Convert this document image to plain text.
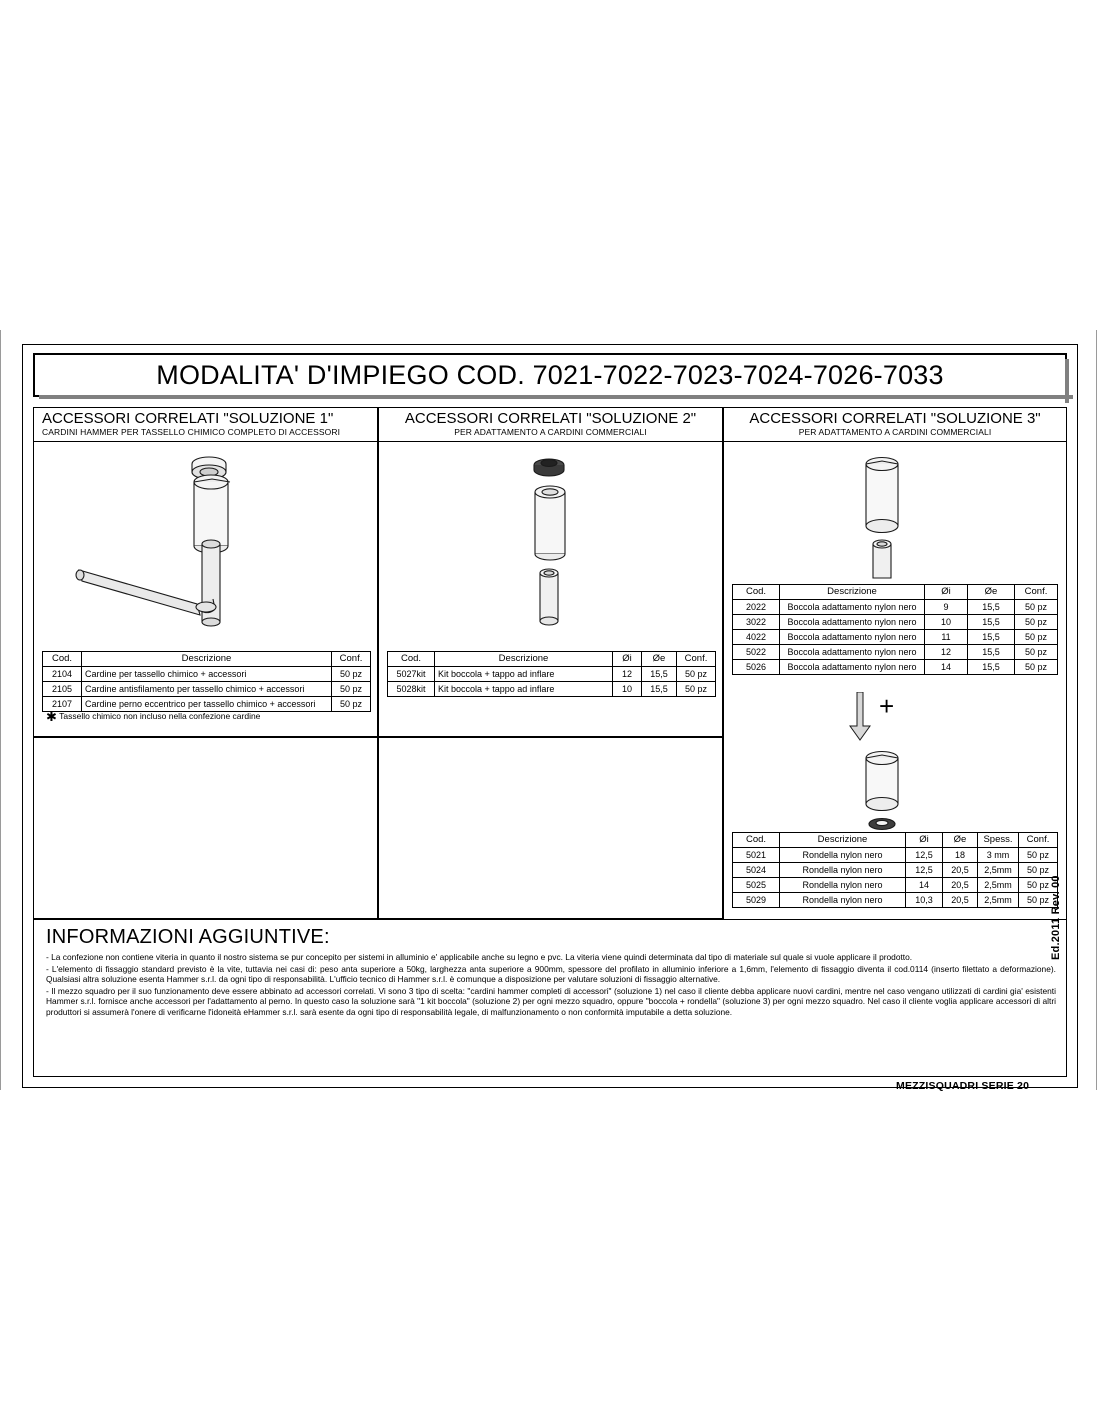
MODALITA' D'IMPIEGO COD. 7021-7022-7023-7024-7026-7033
ACCESSORI CORRELATI "SOLUZIONE 1"
CARDINI HAMMER PER TASSELLO CHIMICO COMPLETO DI ACCESSORI
Cod.	Descrizione	Conf.
2104	Cardine per tassello chimico + accessori	50 pz
2105	Cardine antisfilamento per tassello chimico + accessori	50 pz
2107	Cardine perno eccentrico per tassello chimico + accessori	50 pz
✱ Tassello chimico non incluso nella confezione cardine
ACCESSORI CORRELATI "SOLUZIONE 2"
PER ADATTAMENTO A CARDINI COMMERCIALI
Cod.	Descrizione	Øi	Øe	Conf.
5027kit	Kit boccola + tappo ad inflare	12	15,5	50 pz
5028kit	Kit boccola + tappo ad inflare	10	15,5	50 pz
ACCESSORI CORRELATI "SOLUZIONE 3"
PER ADATTAMENTO A CARDINI COMMERCIALI
Cod.	Descrizione	Øi	Øe	Conf.
2022	Boccola adattamento nylon nero	9	15,5	50 pz
3022	Boccola adattamento nylon nero	10	15,5	50 pz
4022	Boccola adattamento nylon nero	11	15,5	50 pz
5022	Boccola adattamento nylon nero	12	15,5	50 pz
5026	Boccola adattamento nylon nero	14	15,5	50 pz
+
Cod.	Descrizione	Øi	Øe	Spess.	Conf.
5021	Rondella nylon nero	12,5	18	3 mm	50 pz
5024	Rondella nylon nero	12,5	20,5	2,5mm	50 pz
5025	Rondella nylon nero	14	20,5	2,5mm	50 pz
5029	Rondella nylon nero	10,3	20,5	2,5mm	50 pz
INFORMAZIONI AGGIUNTIVE:

- La confezione non contiene viteria in quanto il nostro sistema se pur concepito per sistemi in alluminio e' applicabile anche su legno e pvc. La viteria viene quindi determinata dal tipo di materiale sul quale si vuole applicare il prodotto.

- L'elemento di fissaggio standard previsto è la vite, tuttavia nei casi di: peso anta superiore a 50kg, larghezza anta superiore a 900mm, spessore del profilato in alluminio inferiore a 1,6mm, l'elemento di fissaggio diventa il cod.0114 (inserto filettato a deformazione). Qualsiasi altra soluzione esenta Hammer s.r.l. da ogni tipo di responsabilità. L'ufficio tecnico di Hammer s.r.l. è comunque a disposizione per valutare soluzioni di fissaggio alternative.

- Il mezzo squadro per il suo funzionamento deve essere abbinato ad accessori correlati. Vi sono 3 tipo di scelta: "cardini hammer completi di accessori" (soluzione 1) nel caso il cliente debba applicare nuovi cardini, mentre nel caso vengano utilizzati di cardini gia' esistenti Hammer s.r.l. fornisce anche accessori per l'adattamento al perno. In questo caso la soluzione sarà "1 kit boccola" (soluzione 2) per ogni mezzo squadro, oppure "boccola + rondella" (soluzione 3) per ogni mezzo squadro. Nel caso il cliente voglia applicare accessori di altri produttori si assumerà l'onere di verificarne l'idoneità eHammer s.r.l. sarà esente da ogni tipo di responsabilità legale, di malfunzionamento o non conformità imputabile a detta soluzione.

Ed.2011 Rev. 00
MEZZISQUADRI SERIE 20
